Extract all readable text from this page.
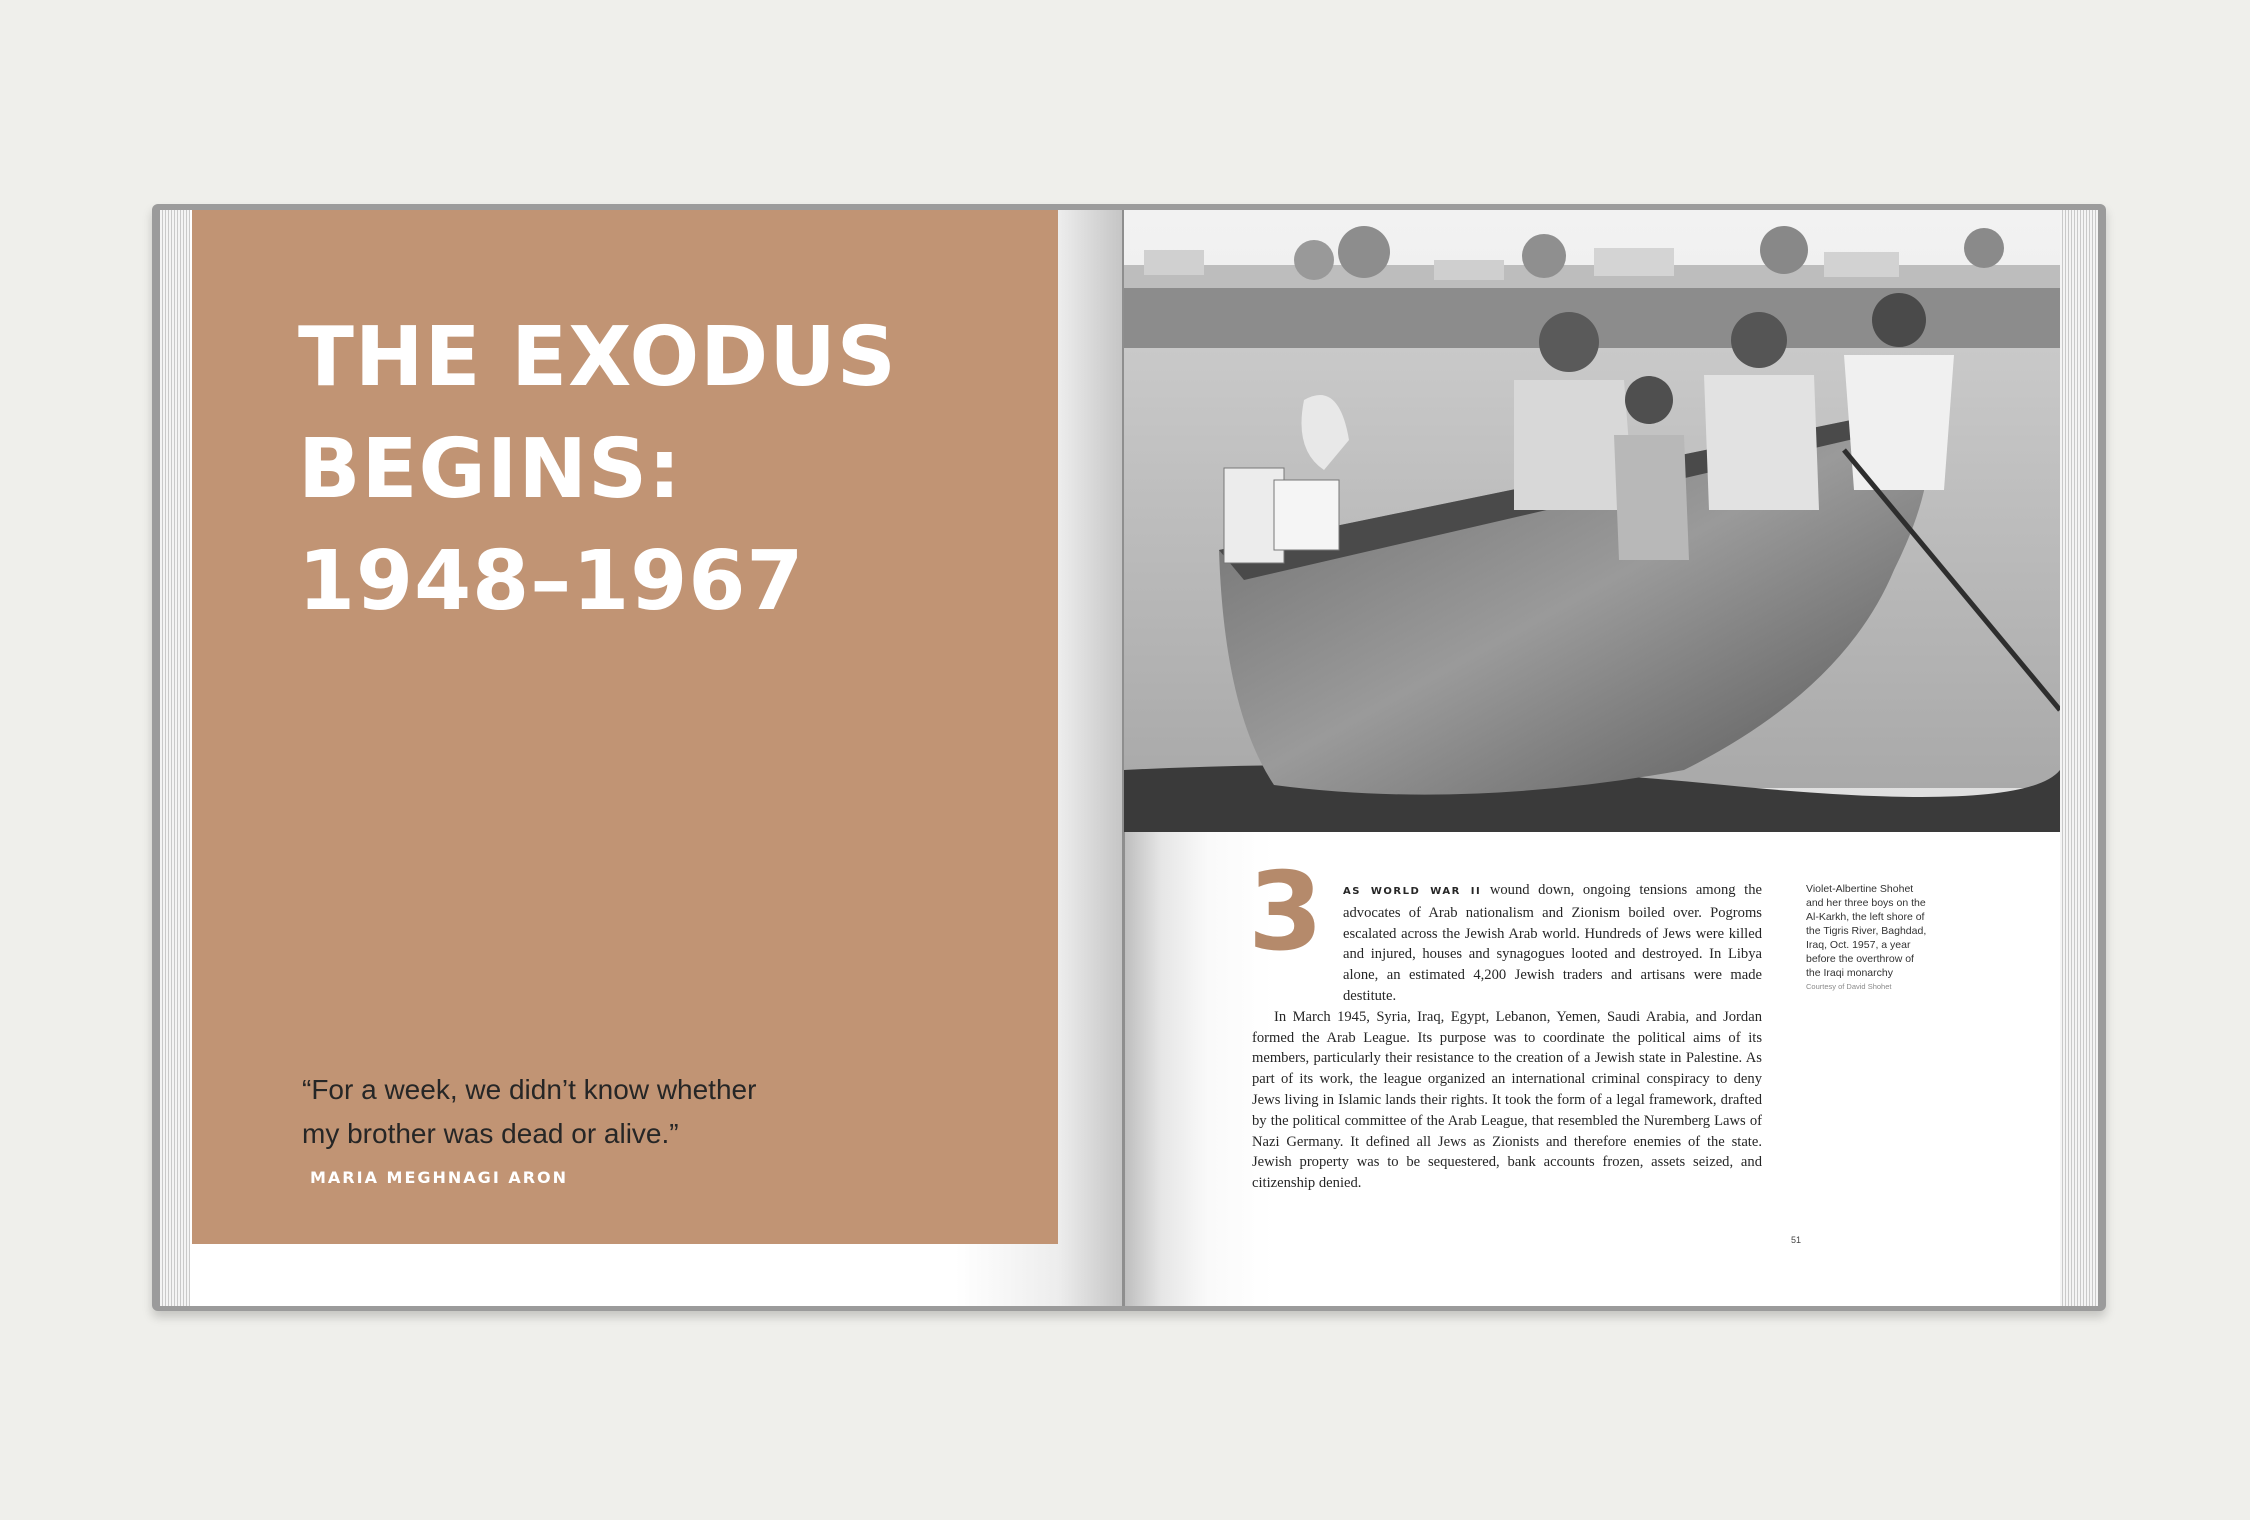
THE EXODUS
BEGINS:
1948–1967

“For a week, we didn’t know whether
my brother was dead or alive.”

MARIA MEGHNAGI ARON
3 AS WORLD WAR II wound down, ongoing tensions among the advocates of Arab nationalism and Zionism boiled over. Pogroms escalated across the Jewish Arab world. Hundreds of Jews were killed and injured, houses and synagogues looted and destroyed. In Libya alone, an estimated 4,200 Jewish traders and artisans were made destitute.

In March 1945, Syria, Iraq, Egypt, Lebanon, Yemen, Saudi Arabia, and Jordan formed the Arab League. Its purpose was to coordinate the political aims of its members, particularly their resistance to the creation of a Jewish state in Palestine. As part of its work, the league organized an international criminal conspiracy to deny Jews living in Islamic lands their rights. It took the form of a legal framework, drafted by the political committee of the Arab League, that resembled the Nuremberg Laws of Nazi Germany. It defined all Jews as Zionists and therefore enemies of the state. Jewish property was to be sequestered, bank accounts frozen, assets seized, and citizenship denied.

Violet-Albertine Shohet
and her three boys on the
Al-Karkh, the left shore of
the Tigris River, Baghdad,
Iraq, Oct. 1957, a year
before the overthrow of
the Iraqi monarchy
Courtesy of David Shohet
51
